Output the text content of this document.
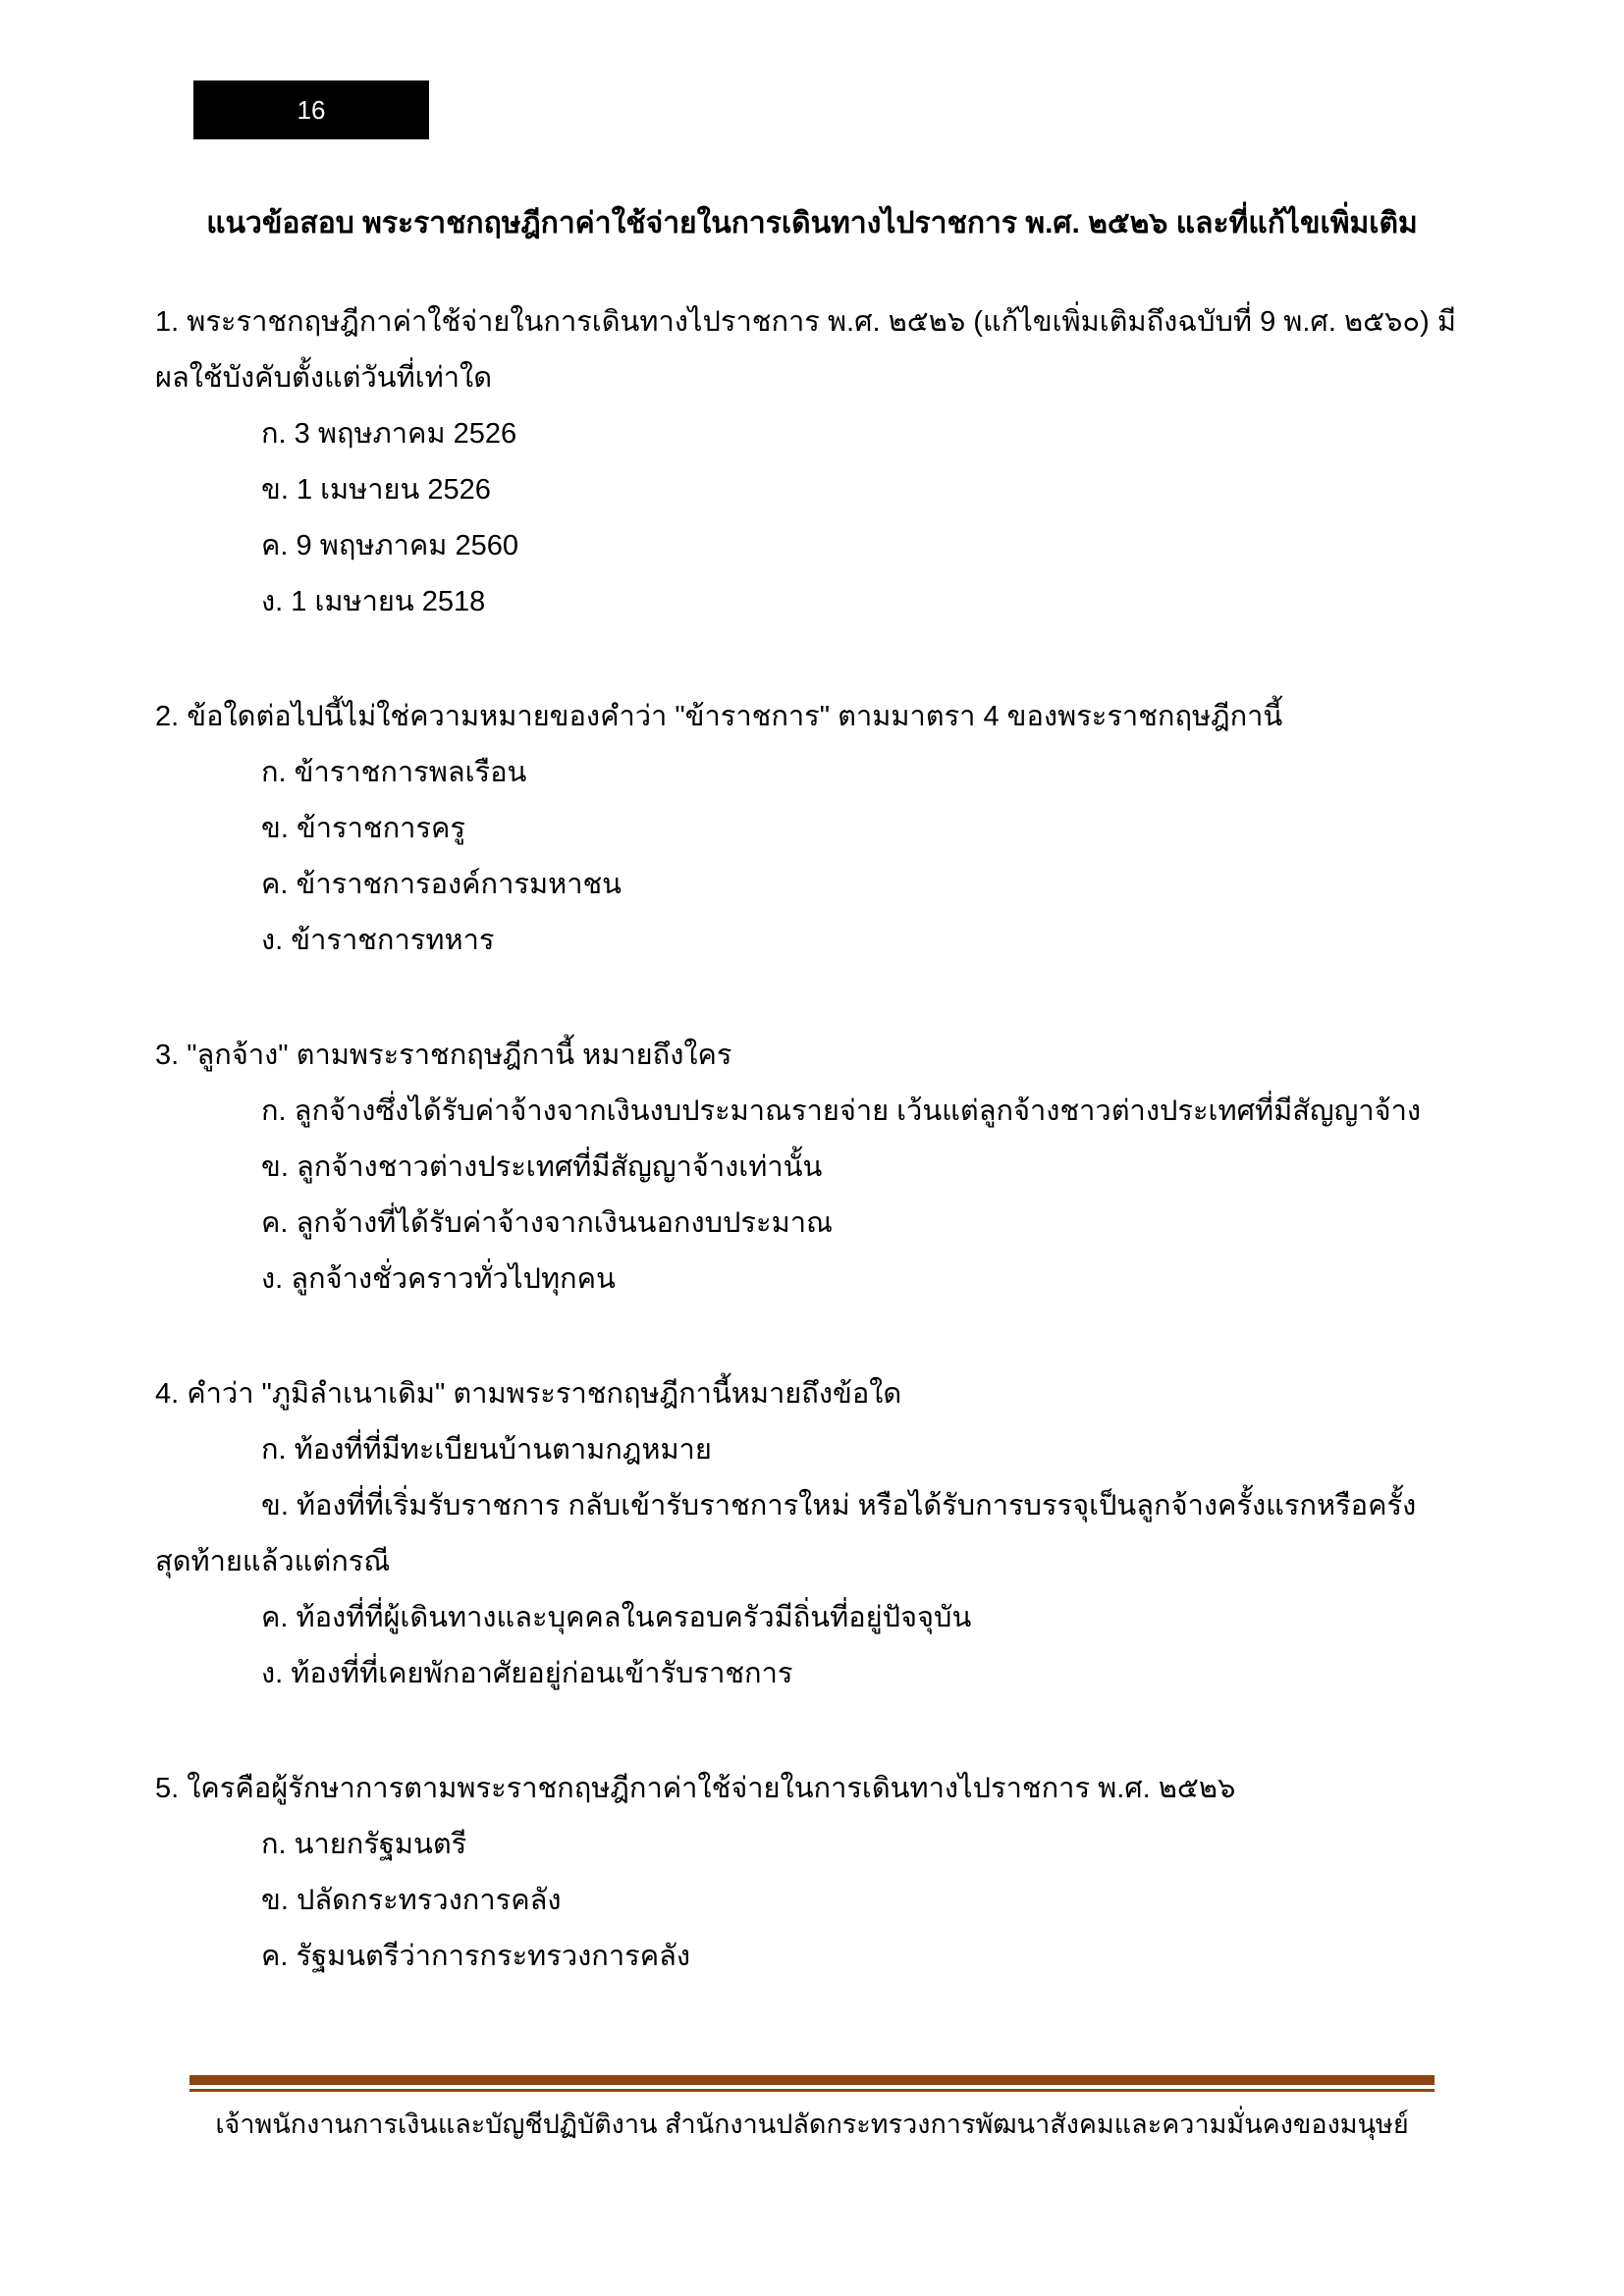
16
แนวข้อสอบ พระราชกฤษฎีกาค่าใช้จ่ายในการเดินทางไปราชการ พ.ศ. ๒๕๒๖ และที่แก้ไขเพิ่มเติม

1. พระราชกฤษฎีกาค่าใช้จ่ายในการเดินทางไปราชการ พ.ศ. ๒๕๒๖ (แก้ไขเพิ่มเติมถึงฉบับที่ 9 พ.ศ. ๒๕๖๐) มีผลใช้บังคับตั้งแต่วันที่เท่าใด

ก. 3 พฤษภาคม 2526

ข. 1 เมษายน 2526

ค. 9 พฤษภาคม 2560

ง. 1 เมษายน 2518

2. ข้อใดต่อไปนี้ไม่ใช่ความหมายของคำว่า "ข้าราชการ" ตามมาตรา 4 ของพระราชกฤษฎีกานี้

ก. ข้าราชการพลเรือน

ข. ข้าราชการครู

ค. ข้าราชการองค์การมหาชน

ง. ข้าราชการทหาร

3. "ลูกจ้าง" ตามพระราชกฤษฎีกานี้ หมายถึงใคร

ก. ลูกจ้างซึ่งได้รับค่าจ้างจากเงินงบประมาณรายจ่าย เว้นแต่ลูกจ้างชาวต่างประเทศที่มีสัญญาจ้าง

ข. ลูกจ้างชาวต่างประเทศที่มีสัญญาจ้างเท่านั้น

ค. ลูกจ้างที่ได้รับค่าจ้างจากเงินนอกงบประมาณ

ง. ลูกจ้างชั่วคราวทั่วไปทุกคน

4. คำว่า "ภูมิลำเนาเดิม" ตามพระราชกฤษฎีกานี้หมายถึงข้อใด

ก. ท้องที่ที่มีทะเบียนบ้านตามกฎหมาย

ข. ท้องที่ที่เริ่มรับราชการ กลับเข้ารับราชการใหม่ หรือได้รับการบรรจุเป็นลูกจ้างครั้งแรกหรือครั้งสุดท้ายแล้วแต่กรณี

ค. ท้องที่ที่ผู้เดินทางและบุคคลในครอบครัวมีถิ่นที่อยู่ปัจจุบัน

ง. ท้องที่ที่เคยพักอาศัยอยู่ก่อนเข้ารับราชการ

5. ใครคือผู้รักษาการตามพระราชกฤษฎีกาค่าใช้จ่ายในการเดินทางไปราชการ พ.ศ. ๒๕๒๖

ก. นายกรัฐมนตรี

ข. ปลัดกระทรวงการคลัง

ค. รัฐมนตรีว่าการกระทรวงการคลัง

เจ้าพนักงานการเงินและบัญชีปฏิบัติงาน สำนักงานปลัดกระทรวงการพัฒนาสังคมและความมั่นคงของมนุษย์
